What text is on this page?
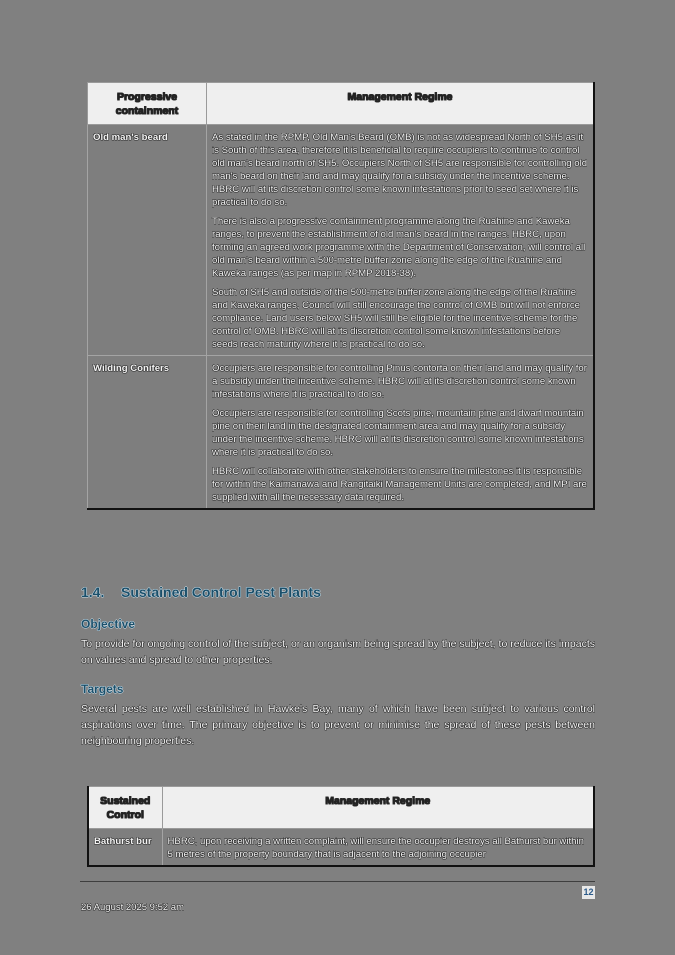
Progressive containment	Management Regime
Old man's beard	As stated in the RPMP, Old Man's Beard (OMB) is not as widespread North of SH5 as it is South of this area, therefore it is beneficial to require occupiers to continue to control old man's beard north of SH5. Occupiers North of SH5 are responsible for controlling old man's beard on their land and may qualify for a subsidy under the incentive scheme. HBRC will at its discretion control some known infestations prior to seed set where it is practical to do so.

There is also a progressive containment programme along the Ruahine and Kaweka ranges, to prevent the establishment of old man's beard in the ranges. HBRC, upon forming an agreed work programme with the Department of Conservation, will control all old man's beard within a 500-metre buffer zone along the edge of the Ruahine and Kaweka ranges (as per map in RPMP 2018-38).

South of SH5 and outside of the 500-metre buffer zone along the edge of the Ruahine and Kaweka ranges, Council will still encourage the control of OMB but will not enforce compliance. Land users below SH5 will still be eligible for the incentive scheme for the control of OMB. HBRC will at its discretion control some known infestations before seeds reach maturity where it is practical to do so.

Wilding Conifers	Occupiers are responsible for controlling Pinus contorta on their land and may qualify for a subsidy under the incentive scheme. HBRC will at its discretion control some known infestations where it is practical to do so.

Occupiers are responsible for controlling Scots pine, mountain pine and dwarf mountain pine on their land in the designated containment area and may qualify for a subsidy under the incentive scheme. HBRC will at its discretion control some known infestations where it is practical to do so.

HBRC will collaborate with other stakeholders to ensure the milestones it is responsible for within the Kaimanawa and Rangitaiki Management Units are completed, and MPI are supplied with all the necessary data required.

1.4. Sustained Control Pest Plants
Objective
To provide for ongoing control of the subject, or an organism being spread by the subject, to reduce its impacts on values and spread to other properties.
Targets
Several pests are well established in Hawke's Bay, many of which have been subject to various control aspirations over time. The primary objective is to prevent or minimise the spread of these pests between neighbouring properties.
Sustained Control	Management Regime
Bathurst bur	HBRC, upon receiving a written complaint, will ensure the occupier destroys all Bathurst bur within 5 metres of the property boundary that is adjacent to the adjoining occupier

12
26 August 2025 9:52 am
